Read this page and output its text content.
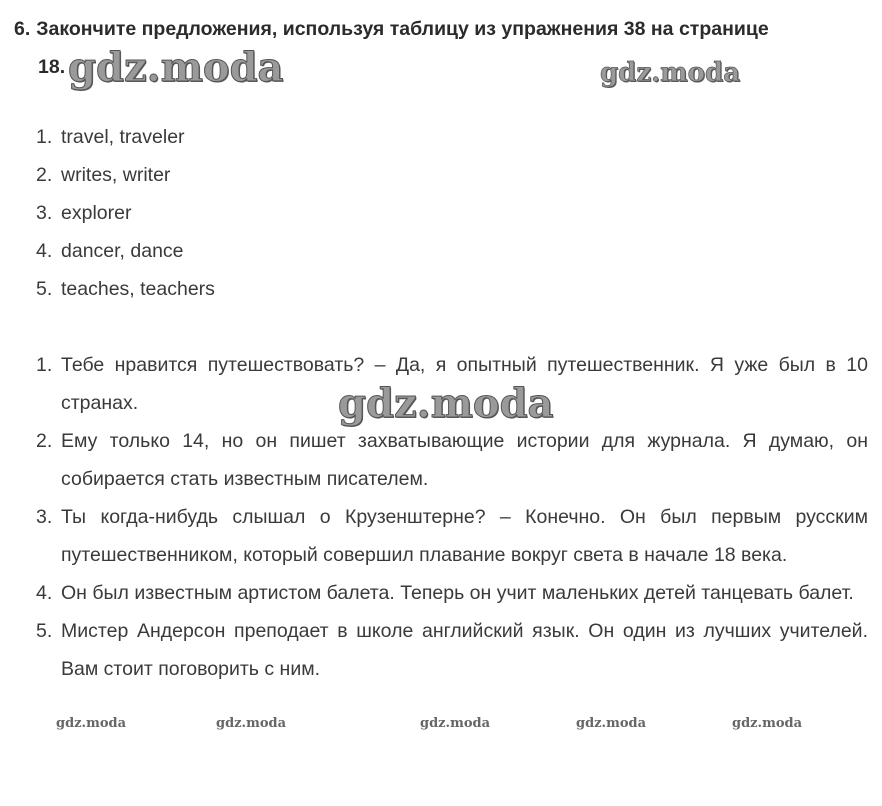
6. Закончите предложения, используя таблицу из упражнения 38 на странице
18.
1. travel, traveler
2. writes, writer
3. explorer
4. dancer, dance
5. teaches, teachers
1. Тебе нравится путешествовать? – Да, я опытный путешественник. Я уже был в 10 странах.
2. Ему только 14, но он пишет захватывающие истории для журнала. Я думаю, он собирается стать известным писателем.
3. Ты когда-нибудь слышал о Крузенштерне? – Конечно. Он был первым русским путешественником, который совершил плавание вокруг света в начале 18 века.
4. Он был известным артистом балета. Теперь он учит маленьких детей танцевать балет.
5. Мистер Андерсон преподает в школе английский язык. Он один из лучших учителей. Вам стоит поговорить с ним.
gdz.moda	gdz.moda
gdz.moda
gdz.moda	gdz.moda	gdz.moda	gdz.moda	gdz.moda
